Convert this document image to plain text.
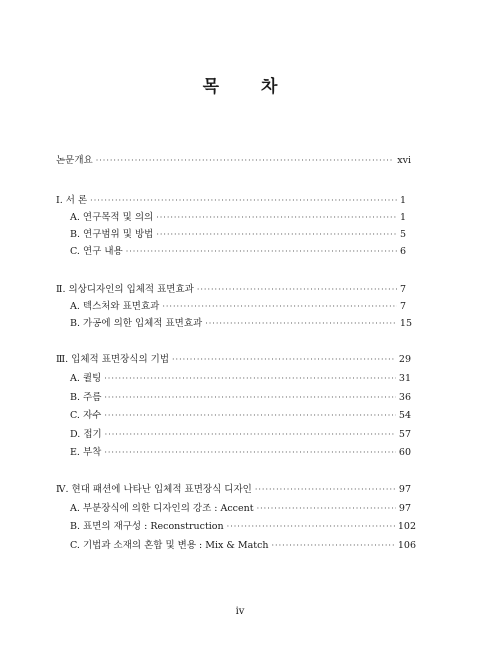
목 차
논문개요 ·····	xvi
Ⅰ. 서 론 ·····	1
A. 연구목적 및 의의 ·····	1
B. 연구범위 및 방법 ·····	5
C. 연구 내용 ·····	6
Ⅱ. 의상디자인의 입체적 표면효과 ·····	7
A. 텍스처와 표면효과 ·····	7
B. 가공에 의한 입체적 표면효과 ·····	15
Ⅲ. 입체적 표면장식의 기법 ·····	29
A. 퀼팅 ·····	31
B. 주름 ·····	36
C. 자수 ·····	54
D. 접기 ·····	57
E. 부착 ·····	60
Ⅳ. 현대 패션에 나타난 입체적 표면장식 디자인 ·····	97
A. 부분장식에 의한 디자인의 강조 : Accent ·····	97
B. 표면의 재구성 : Reconstruction ·····	102
C. 기법과 소재의 혼합 및 변용 : Mix & Match ·····	106
iv
